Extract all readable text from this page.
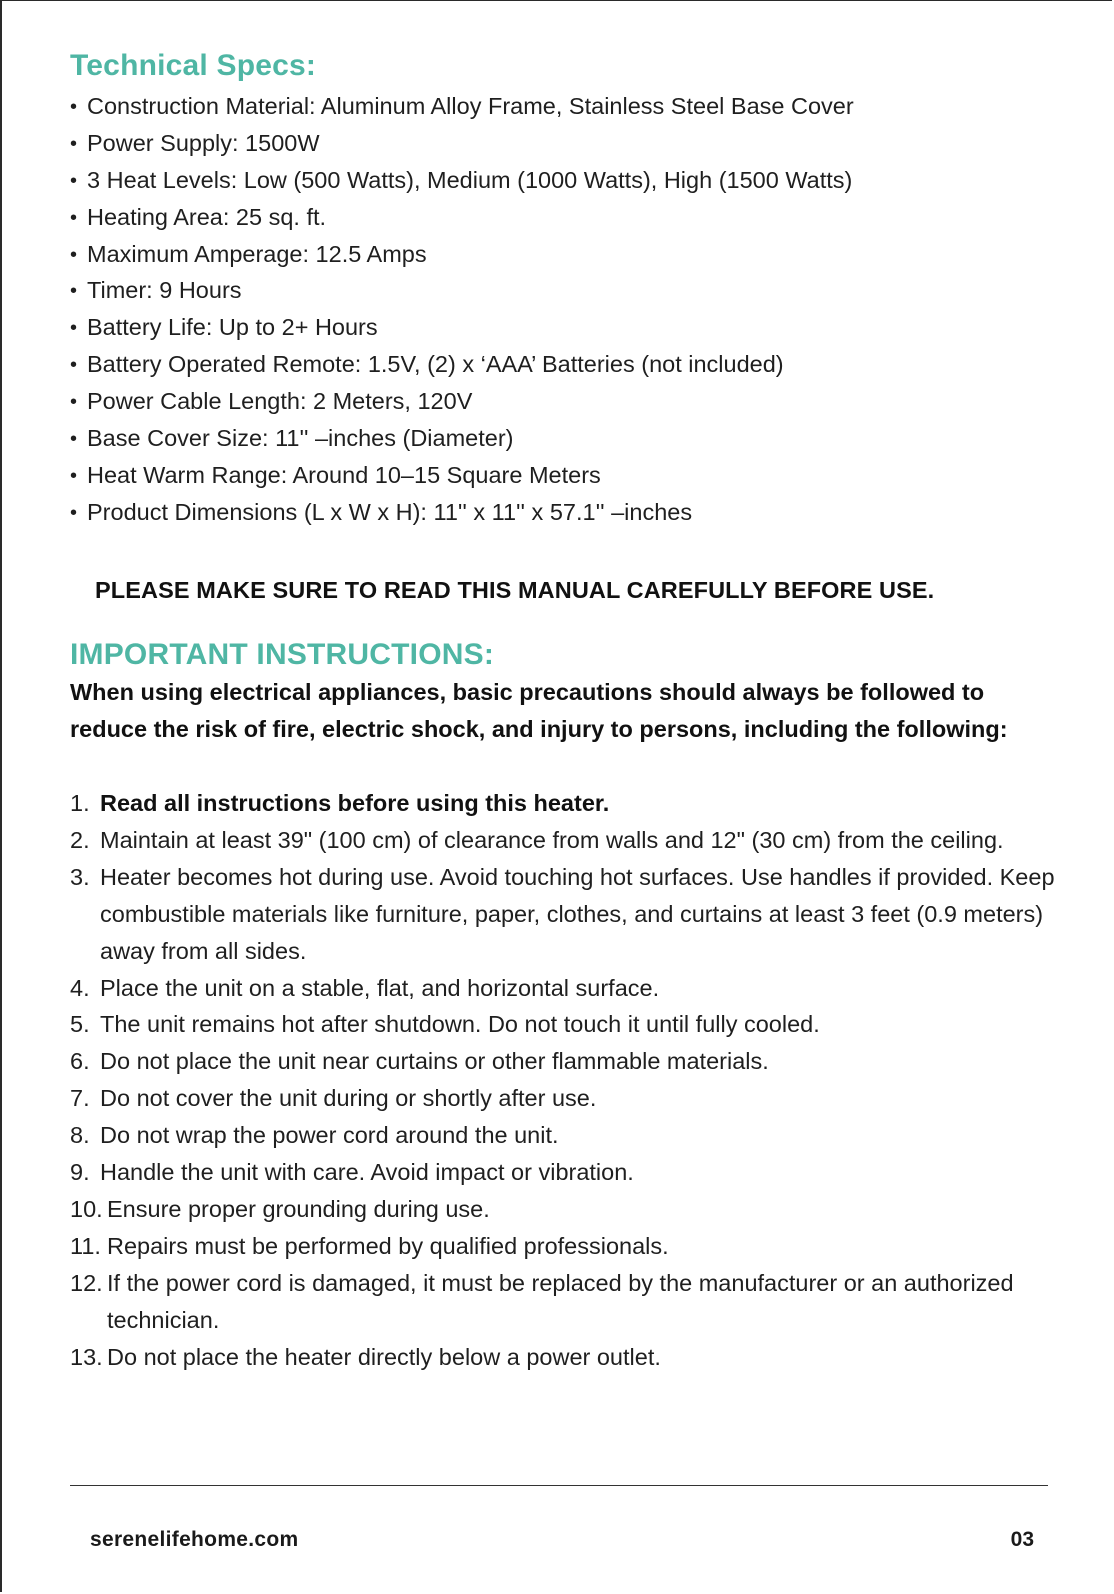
Technical Specs:
• Construction Material: Aluminum Alloy Frame, Stainless Steel Base Cover
• Power Supply: 1500W
• 3 Heat Levels: Low (500 Watts), Medium (1000 Watts), High (1500 Watts)
• Heating Area: 25 sq. ft.
• Maximum Amperage: 12.5 Amps
• Timer: 9 Hours
• Battery Life: Up to 2+ Hours
• Battery Operated Remote: 1.5V, (2) x ‘AAA’ Batteries (not included)
• Power Cable Length: 2 Meters, 120V
• Base Cover Size: 11'' –inches (Diameter)
• Heat Warm Range: Around 10–15 Square Meters
• Product Dimensions (L x W x H): 11'' x 11'' x 57.1'' –inches
PLEASE MAKE SURE TO READ THIS MANUAL CAREFULLY BEFORE USE.
IMPORTANT INSTRUCTIONS:
When using electrical appliances, basic precautions should always be followed to reduce the risk of fire, electric shock, and injury to persons, including the following:
1. Read all instructions before using this heater.
2. Maintain at least 39" (100 cm) of clearance from walls and 12" (30 cm) from the ceiling.
3. Heater becomes hot during use. Avoid touching hot surfaces. Use handles if provided. Keep combustible materials like furniture, paper, clothes, and curtains at least 3 feet (0.9 meters) away from all sides.
4. Place the unit on a stable, flat, and horizontal surface.
5. The unit remains hot after shutdown. Do not touch it until fully cooled.
6. Do not place the unit near curtains or other flammable materials.
7. Do not cover the unit during or shortly after use.
8. Do not wrap the power cord around the unit.
9. Handle the unit with care. Avoid impact or vibration.
10. Ensure proper grounding during use.
11. Repairs must be performed by qualified professionals.
12. If the power cord is damaged, it must be replaced by the manufacturer or an authorized technician.
13. Do not place the heater directly below a power outlet.
serenelifehome.com	03
